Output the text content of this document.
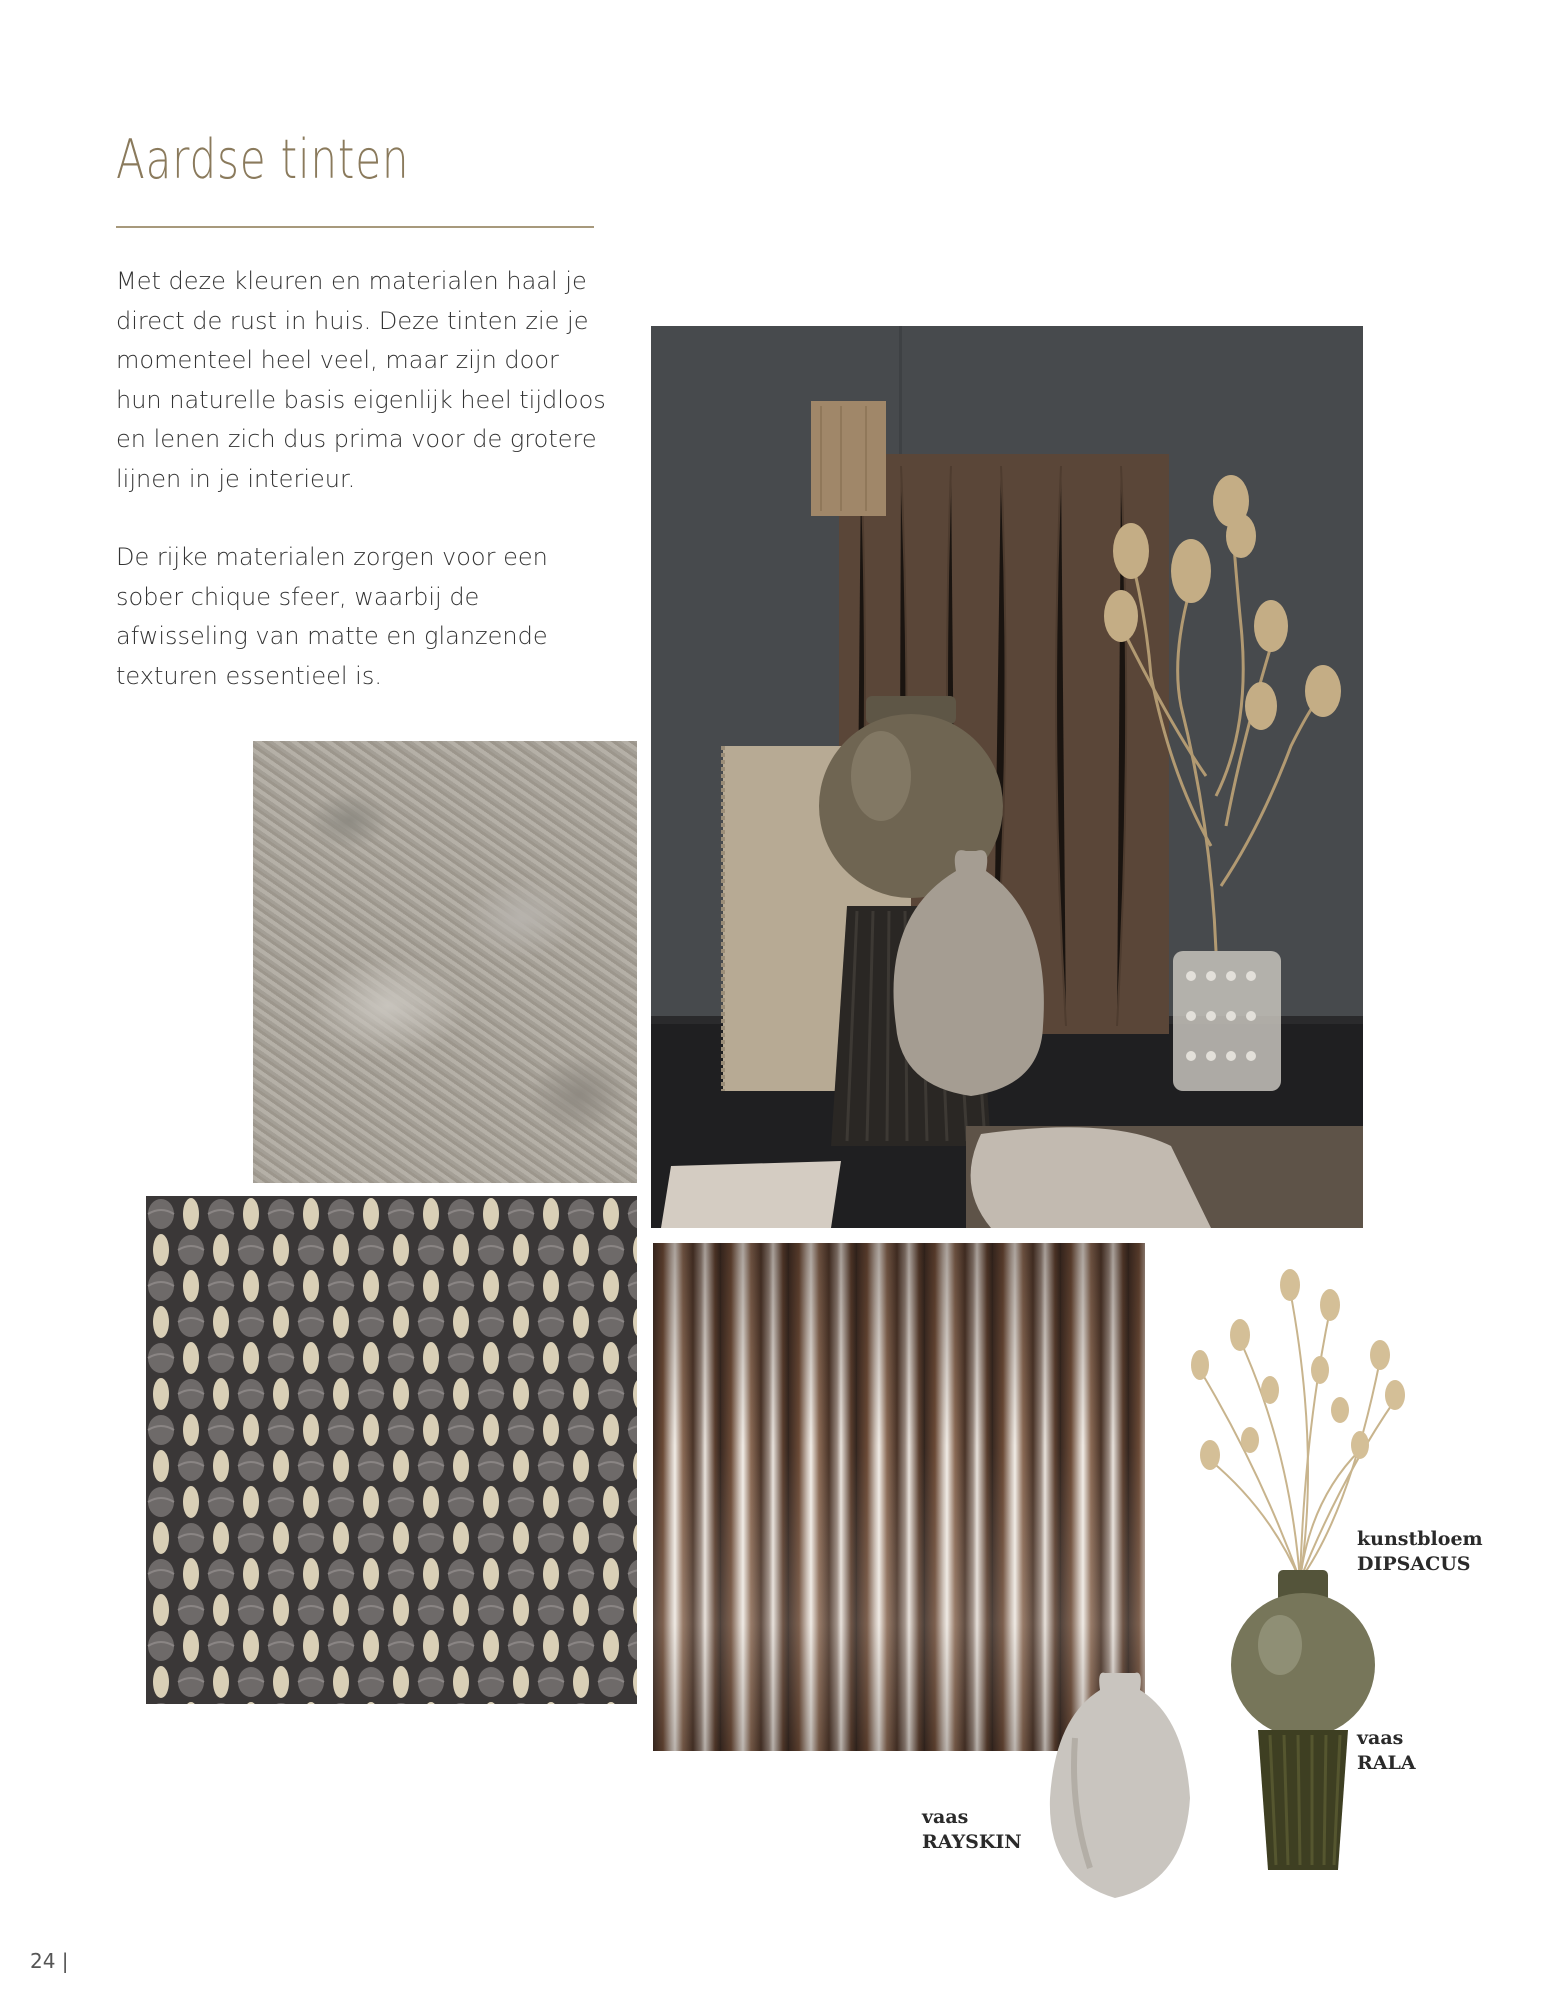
Aardse tinten

Met deze kleuren en materialen haal je direct de rust in huis. Deze tinten zie je momenteel heel veel, maar zijn door hun naturelle basis eigenlijk heel tijdloos en lenen zich dus prima voor de grotere lijnen in je interieur.

De rijke materialen zorgen voor een sober chique sfeer, waarbij de afwisseling van matte en glanzende texturen essentieel is.

kunstbloem
DIPSACUS
vaas
RALA
vaas
RAYSKIN
24 |
